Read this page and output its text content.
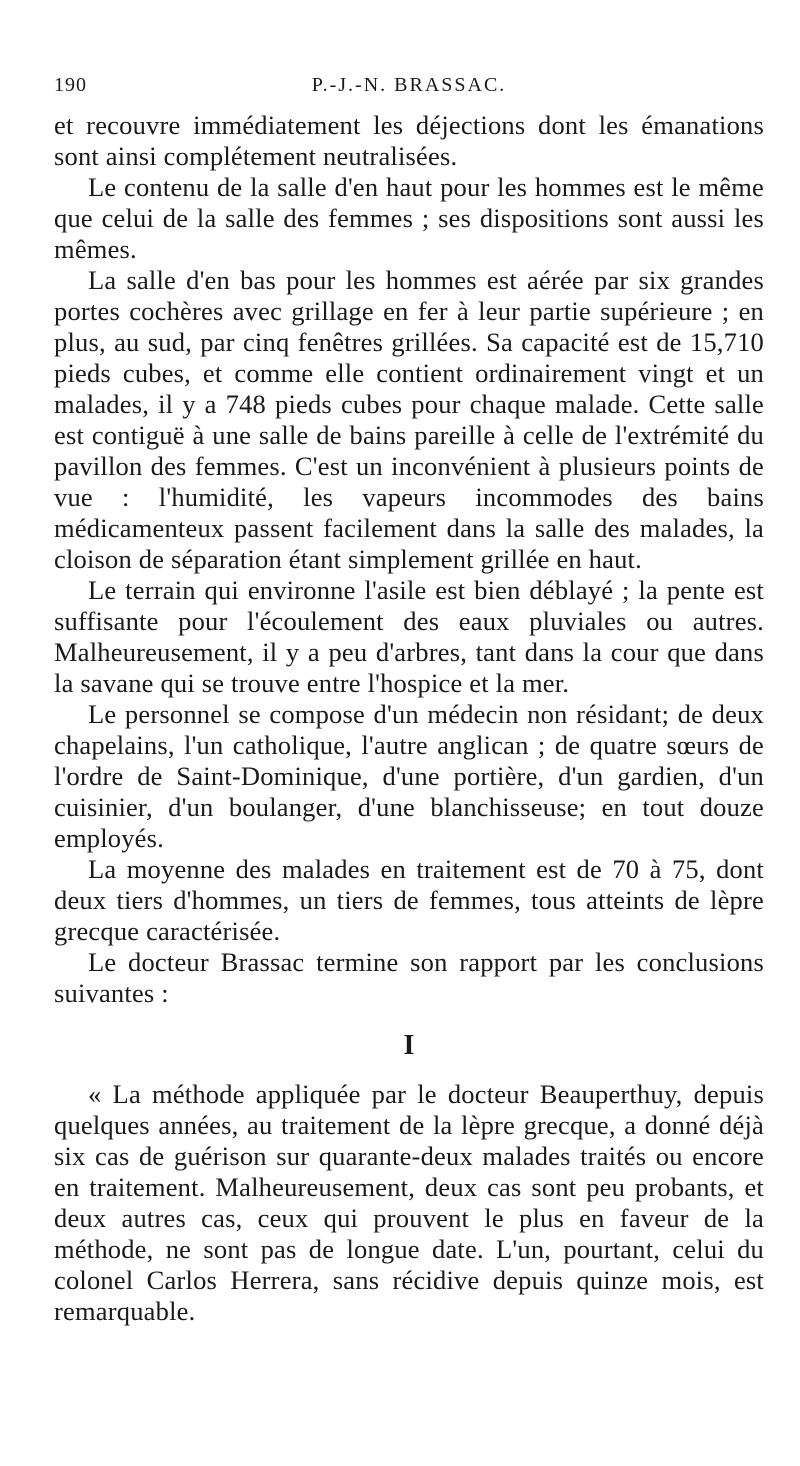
190	P.-J.-N. BRASSAC.

et recouvre immédiatement les déjections dont les émanations sont ainsi complétement neutralisées.

Le contenu de la salle d'en haut pour les hommes est le même que celui de la salle des femmes ; ses dispositions sont aussi les mêmes.

La salle d'en bas pour les hommes est aérée par six grandes portes cochères avec grillage en fer à leur partie supérieure ; en plus, au sud, par cinq fenêtres grillées. Sa capacité est de 15,710 pieds cubes, et comme elle contient ordinairement vingt et un malades, il y a 748 pieds cubes pour chaque malade. Cette salle est contiguë à une salle de bains pareille à celle de l'extrémité du pavillon des femmes. C'est un inconvénient à plusieurs points de vue : l'humidité, les vapeurs incommodes des bains médicamenteux passent facilement dans la salle des malades, la cloison de séparation étant simplement grillée en haut.

Le terrain qui environne l'asile est bien déblayé ; la pente est suffisante pour l'écoulement des eaux pluviales ou autres. Malheureusement, il y a peu d'arbres, tant dans la cour que dans la savane qui se trouve entre l'hospice et la mer.

Le personnel se compose d'un médecin non résidant; de deux chapelains, l'un catholique, l'autre anglican ; de quatre sœurs de l'ordre de Saint-Dominique, d'une portière, d'un gardien, d'un cuisinier, d'un boulanger, d'une blanchisseuse; en tout douze employés.

La moyenne des malades en traitement est de 70 à 75, dont deux tiers d'hommes, un tiers de femmes, tous atteints de lèpre grecque caractérisée.

Le docteur Brassac termine son rapport par les conclusions suivantes :

I

« La méthode appliquée par le docteur Beauperthuy, depuis quelques années, au traitement de la lèpre grecque, a donné déjà six cas de guérison sur quarante-deux malades traités ou encore en traitement. Malheureusement, deux cas sont peu probants, et deux autres cas, ceux qui prouvent le plus en faveur de la méthode, ne sont pas de longue date. L'un, pourtant, celui du colonel Carlos Herrera, sans récidive depuis quinze mois, est remarquable.
